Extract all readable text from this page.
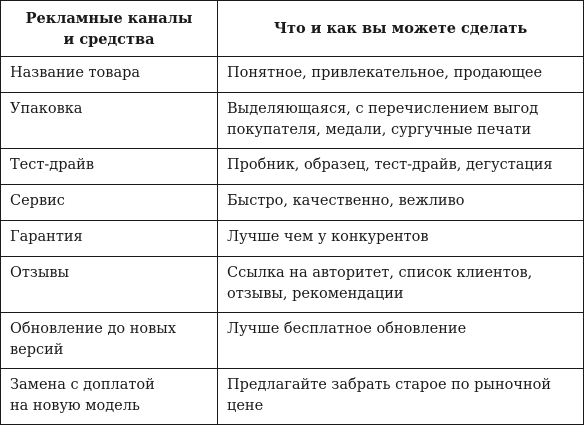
Рекламные каналы
и средства	Что и как вы можете сделать

Название товара	Понятное, привлекательное, продающее

Упаковка	Выделяющаяся, с перечислением выгод
покупателя, медали, сургучные печати

Тест-драйв	Пробник, образец, тест-драйв, дегустация

Сервис	Быстро, качественно, вежливо

Гарантия	Лучше чем у конкурентов

Отзывы	Ссылка на авторитет, список клиентов,
отзывы, рекомендации

Обновление до новых
версий	Лучше бесплатное обновление

Замена с доплатой
на новую модель	Предлагайте забрать старое по рыночной
цене
